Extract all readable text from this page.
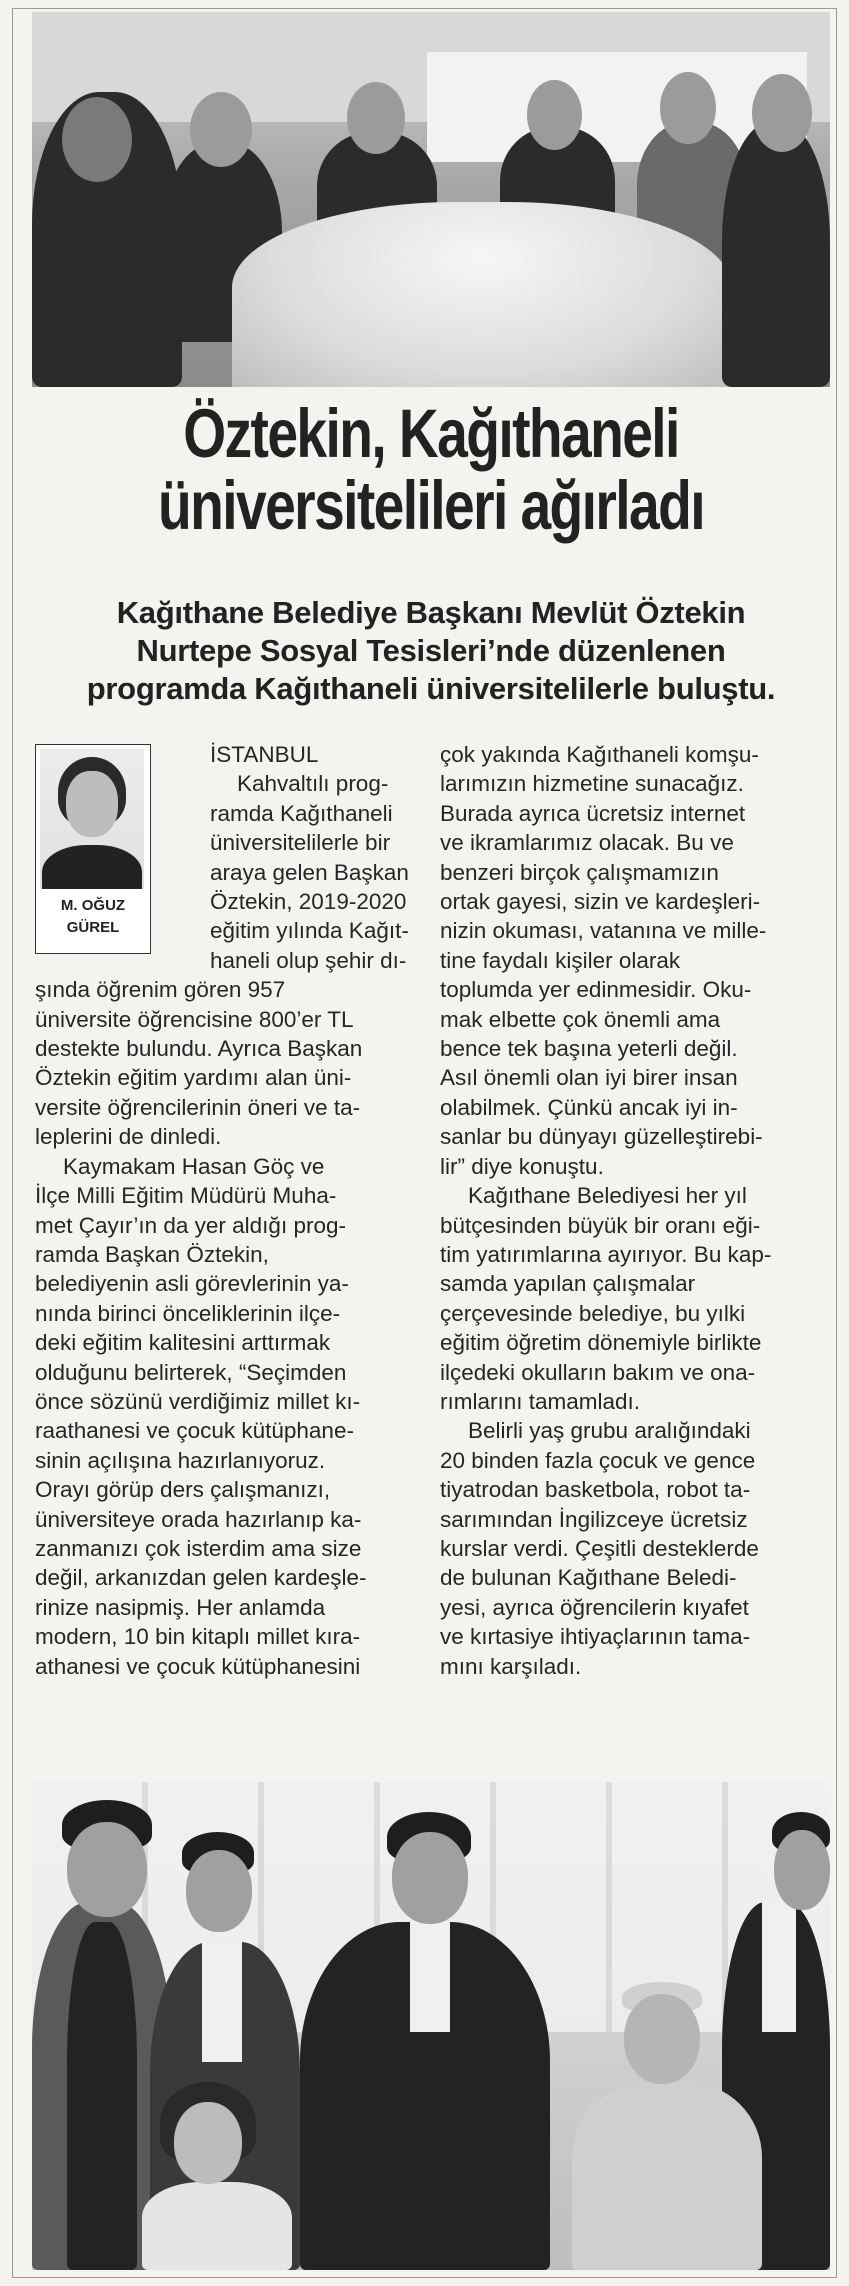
Öztekin, Kağıthaneli
üniversitelileri ağırladı
Kağıthane Belediye Başkanı Mevlüt Öztekin
Nurtepe Sosyal Tesisleri’nde düzenlenen
programda Kağıthaneli üniversitelilerle buluştu.
M. OĞUZ
GÜREL
İSTANBUL
Kahvaltılı prog-
ramda Kağıthaneli
üniversitelilerle bir
araya gelen Başkan
Öztekin, 2019-2020
eğitim yılında Kağıt-
haneli olup şehir dı-
şında öğrenim gören 957
üniversite öğrencisine 800’er TL
destekte bulundu. Ayrıca Başkan
Öztekin eğitim yardımı alan üni-
versite öğrencilerinin öneri ve ta-
leplerini de dinledi.
Kaymakam Hasan Göç ve
İlçe Milli Eğitim Müdürü Muha-
met Çayır’ın da yer aldığı prog-
ramda Başkan Öztekin,
belediyenin asli görevlerinin ya-
nında birinci önceliklerinin ilçe-
deki eğitim kalitesini arttırmak
olduğunu belirterek, “Seçimden
önce sözünü verdiğimiz millet kı-
raathanesi ve çocuk kütüphane-
sinin açılışına hazırlanıyoruz.
Orayı görüp ders çalışmanızı,
üniversiteye orada hazırlanıp ka-
zanmanızı çok isterdim ama size
değil, arkanızdan gelen kardeşle-
rinize nasipmiş. Her anlamda
modern, 10 bin kitaplı millet kıra-
athanesi ve çocuk kütüphanesini
çok yakında Kağıthaneli komşu-
larımızın hizmetine sunacağız.
Burada ayrıca ücretsiz internet
ve ikramlarımız olacak. Bu ve
benzeri birçok çalışmamızın
ortak gayesi, sizin ve kardeşleri-
nizin okuması, vatanına ve mille-
tine faydalı kişiler olarak
toplumda yer edinmesidir. Oku-
mak elbette çok önemli ama
bence tek başına yeterli değil.
Asıl önemli olan iyi birer insan
olabilmek. Çünkü ancak iyi in-
sanlar bu dünyayı güzelleştirebi-
lir” diye konuştu.
Kağıthane Belediyesi her yıl
bütçesinden büyük bir oranı eği-
tim yatırımlarına ayırıyor. Bu kap-
samda yapılan çalışmalar
çerçevesinde belediye, bu yılki
eğitim öğretim dönemiyle birlikte
ilçedeki okulların bakım ve ona-
rımlarını tamamladı.
Belirli yaş grubu aralığındaki
20 binden fazla çocuk ve gence
tiyatrodan basketbola, robot ta-
sarımından İngilizceye ücretsiz
kurslar verdi. Çeşitli desteklerde
de bulunan Kağıthane Beledi-
yesi, ayrıca öğrencilerin kıyafet
ve kırtasiye ihtiyaçlarının tama-
mını karşıladı.
